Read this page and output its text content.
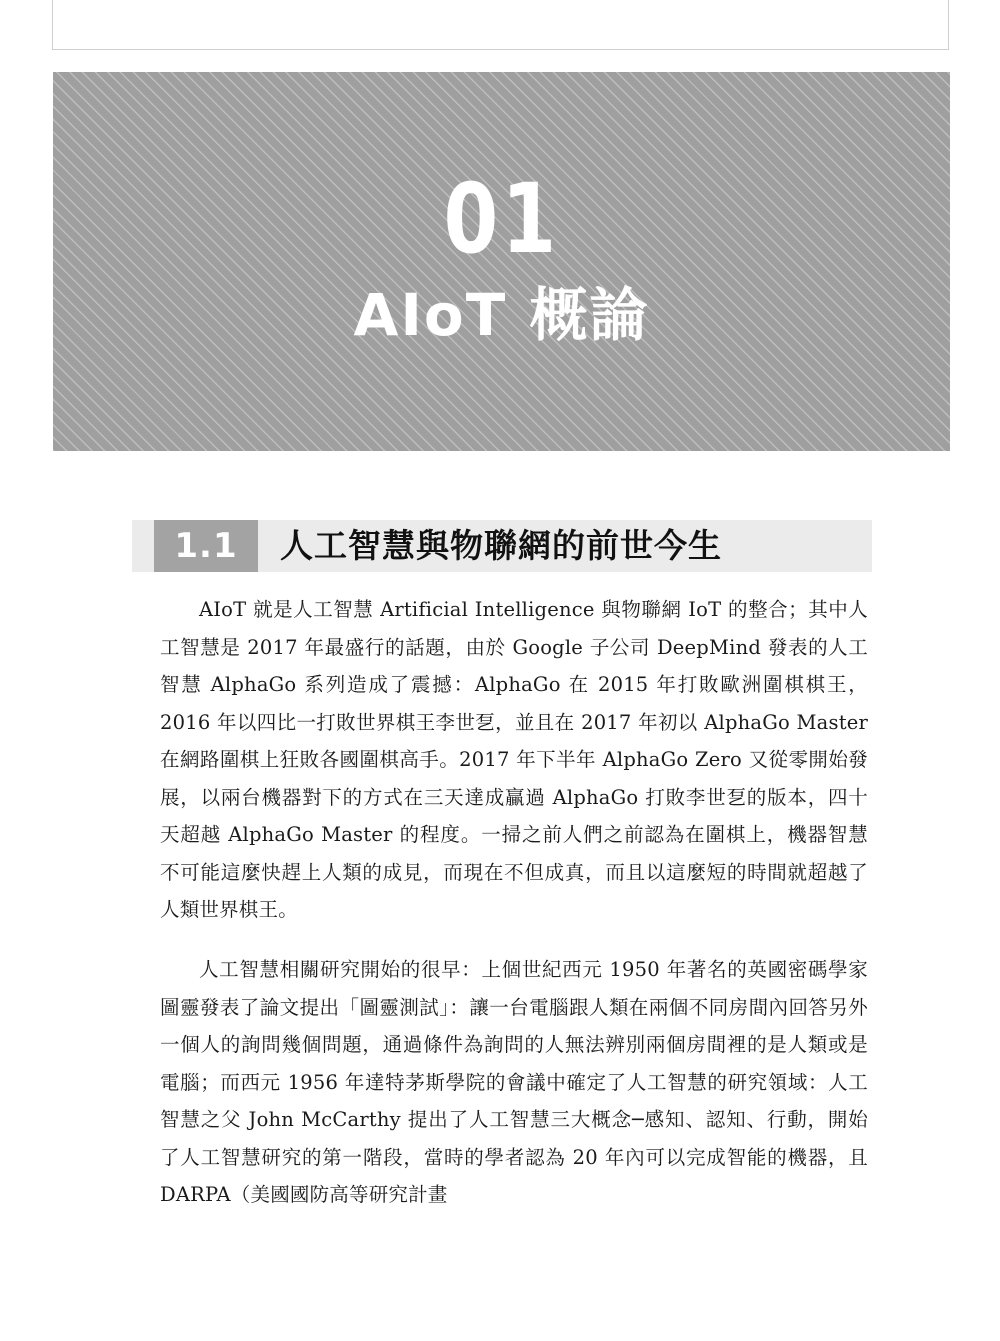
01
AIoT 概論
1.1	人工智慧與物聯網的前世今生

AIoT 就是人工智慧 Artificial Intelligence 與物聯網 IoT 的整合；其中人工智慧是 2017 年最盛行的話題，由於 Google 子公司 DeepMind 發表的人工智慧 AlphaGo 系列造成了震撼：AlphaGo 在 2015 年打敗歐洲圍棋棋王，2016 年以四比一打敗世界棋王李世乭，並且在 2017 年初以 AlphaGo Master 在網路圍棋上狂敗各國圍棋高手。2017 年下半年 AlphaGo Zero 又從零開始發展，以兩台機器對下的方式在三天達成贏過 AlphaGo 打敗李世乭的版本，四十天超越 AlphaGo Master 的程度。一掃之前人們之前認為在圍棋上，機器智慧不可能這麼快趕上人類的成見，而現在不但成真，而且以這麼短的時間就超越了人類世界棋王。

人工智慧相關研究開始的很早：上個世紀西元 1950 年著名的英國密碼學家圖靈發表了論文提出「圖靈測試」：讓一台電腦跟人類在兩個不同房間內回答另外一個人的詢問幾個問題，通過條件為詢問的人無法辨別兩個房間裡的是人類或是電腦；而西元 1956 年達特茅斯學院的會議中確定了人工智慧的研究領域：人工智慧之父 John McCarthy 提出了人工智慧三大概念─感知、認知、行動，開始了人工智慧研究的第一階段，當時的學者認為 20 年內可以完成智能的機器，且 DARPA（美國國防高等研究計畫
